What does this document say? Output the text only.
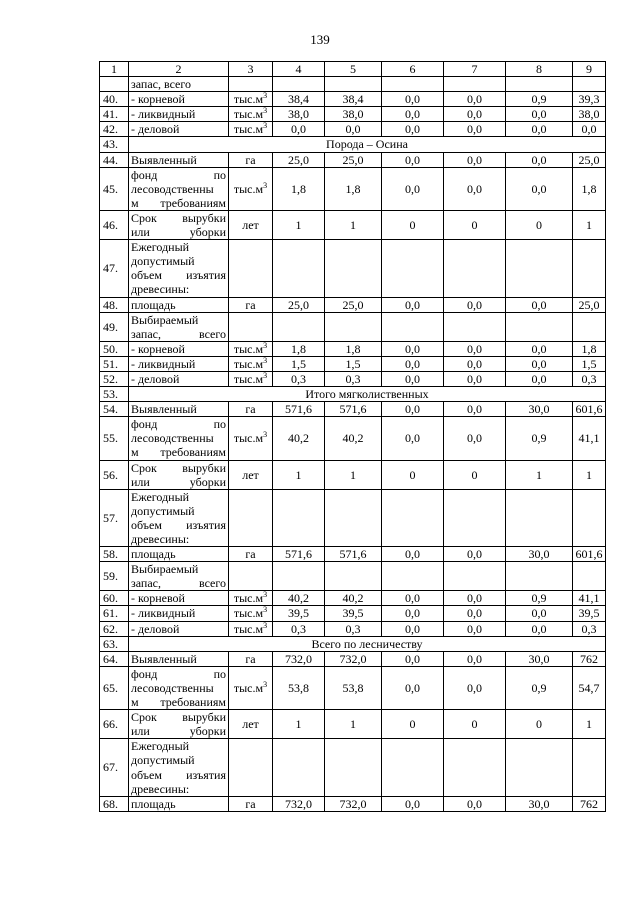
139
1	2	3	4	5	6	7	8	9
	запас, всего							
40.	- корневой	$тыс.м^3$	38,4	38,4	0,0	0,0	0,9	39,3
41.	- ликвидный	$тыс.м^3$	38,0	38,0	0,0	0,0	0,0	38,0
42.	- деловой	$тыс.м^3$	0,0	0,0	0,0	0,0	0,0	0,0
43.	Порода – Осина							
44.	Выявленный	га	25,0	25,0	0,0	0,0	0,0	25,0
45.	фонд по
лесоводственны
м требованиям	$тыс.м^3$	1,8	1,8	0,0	0,0	0,0	1,8
46.	Срок вырубки
или уборки	лет	1	1	0	0	0	1
47.	Ежегодный
допустимый
объем изъятия
древесины:							

48.	площадь	га	25,0	25,0	0,0	0,0	0,0	25,0
49.	Выбираемый
запас, всего							

50.	- корневой	$тыс.м^3$	1,8	1,8	0,0	0,0	0,0	1,8
51.	- ликвидный	$тыс.м^3$	1,5	1,5	0,0	0,0	0,0	1,5
52.	- деловой	$тыс.м^3$	0,3	0,3	0,0	0,0	0,0	0,3
53.	Итого мягколиственных							
54.	Выявленный	га	571,6	571,6	0,0	0,0	30,0	601,6
55.	фонд по
лесоводственны
м требованиям	$тыс.м^3$	40,2	40,2	0,0	0,0	0,9	41,1
56.	Срок вырубки
или уборки	лет	1	1	0	0	1	1
57.	Ежегодный
допустимый
объем изъятия
древесины:							

58.	площадь	га	571,6	571,6	0,0	0,0	30,0	601,6
59.	Выбираемый
запас, всего							

60.	- корневой	$тыс.м^3$	40,2	40,2	0,0	0,0	0,9	41,1
61.	- ликвидный	$тыс.м^3$	39,5	39,5	0,0	0,0	0,0	39,5
62.	- деловой	$тыс.м^3$	0,3	0,3	0,0	0,0	0,0	0,3
63.	Всего по лесничеству							
64.	Выявленный	га	732,0	732,0	0,0	0,0	30,0	762
65.	фонд по
лесоводственны
м требованиям	$тыс.м^3$	53,8	53,8	0,0	0,0	0,9	54,7
66.	Срок вырубки
или уборки	лет	1	1	0	0	0	1
67.	Ежегодный
допустимый
объем изъятия
древесины:							

68.	площадь	га	732,0	732,0	0,0	0,0	30,0	762
